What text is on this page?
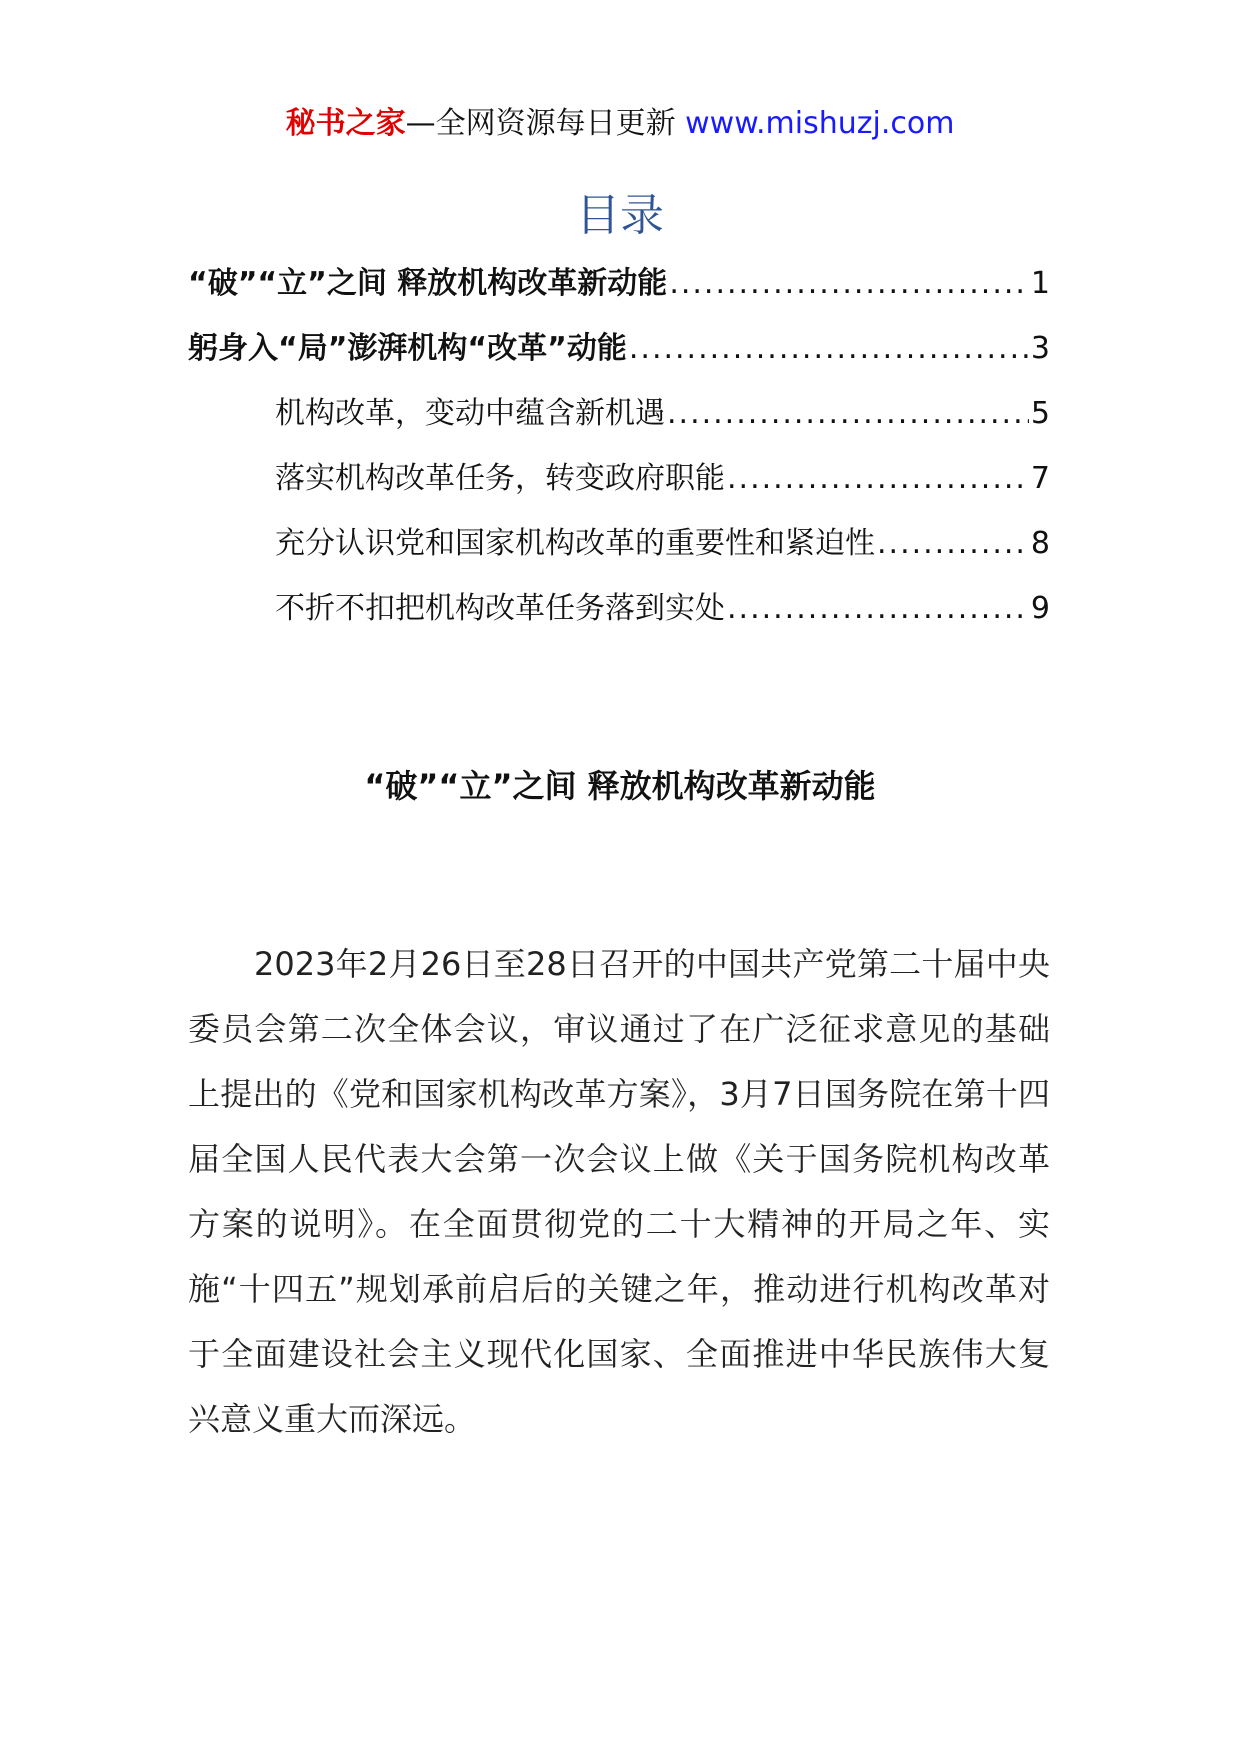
秘书之家—全网资源每日更新 www.mishuzj.com
目录
“破”“立”之间 释放机构改革新动能 .....	1
躬身入“局”澎湃机构“改革”动能 .....	3
机构改革，变动中蕴含新机遇 .....	5
落实机构改革任务，转变政府职能 .....	7
充分认识党和国家机构改革的重要性和紧迫性 .....	8
不折不扣把机构改革任务落到实处 .....	9
“破”“立”之间 释放机构改革新动能

2023年2月26日至28日召开的中国共产党第二十届中央委员会第二次全体会议，审议通过了在广泛征求意见的基础上提出的《党和国家机构改革方案》，3月7日国务院在第十四届全国人民代表大会第一次会议上做《关于国务院机构改革方案的说明》。在全面贯彻党的二十大精神的开局之年、实施“十四五”规划承前启后的关键之年，推动进行机构改革对于全面建设社会主义现代化国家、全面推进中华民族伟大复兴意义重大而深远。
